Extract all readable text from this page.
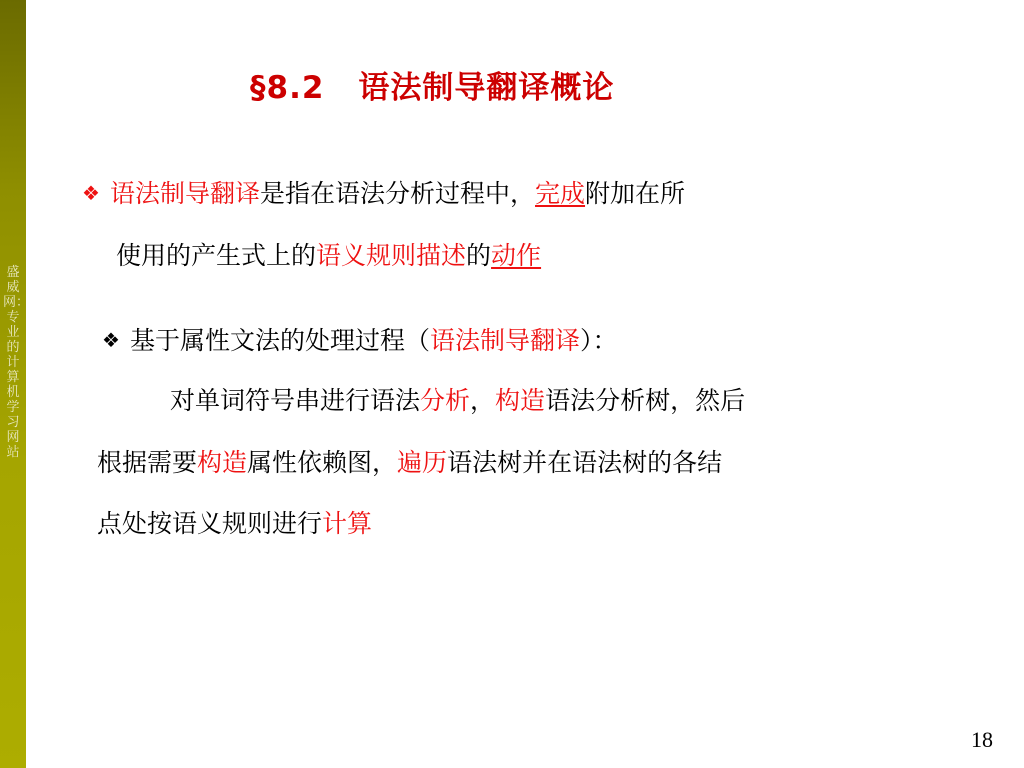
盛威网：专业的计算机学习网站
§8.2 语法制导翻译概论
❖ 语法制导翻译是指在语法分析过程中，完成附加在所
使用的产生式上的语义规则描述的动作
❖ 基于属性文法的处理过程（语法制导翻译）：
对单词符号串进行语法分析，构造语法分析树，然后
根据需要构造属性依赖图，遍历语法树并在语法树的各结
点处按语义规则进行计算
18
